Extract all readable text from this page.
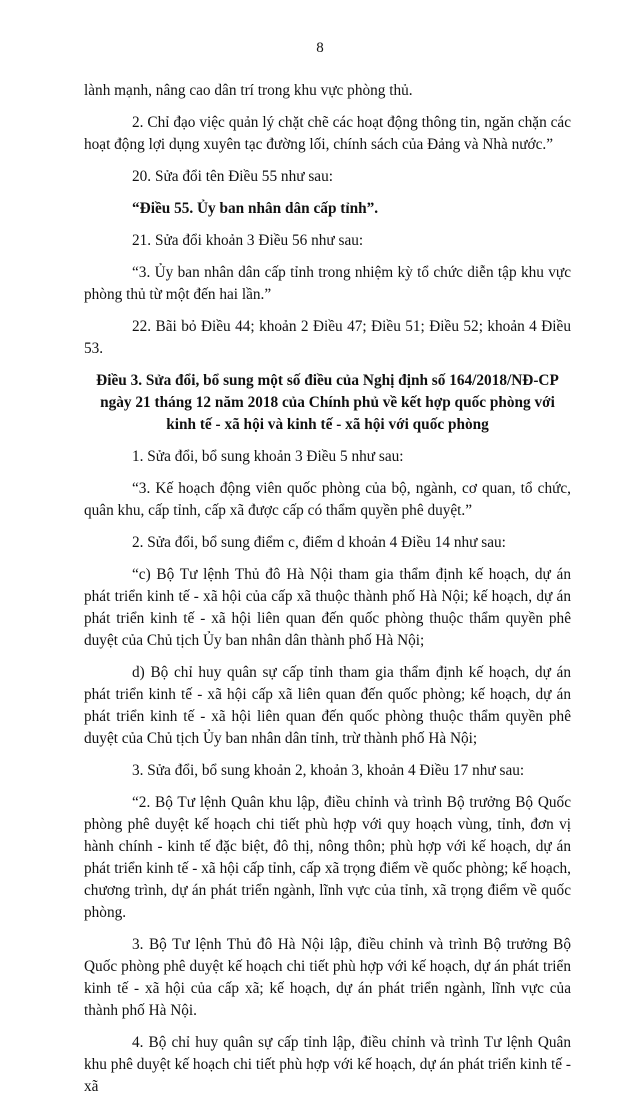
8

lành mạnh, nâng cao dân trí trong khu vực phòng thủ.

2. Chỉ đạo việc quản lý chặt chẽ các hoạt động thông tin, ngăn chặn các hoạt động lợi dụng xuyên tạc đường lối, chính sách của Đảng và Nhà nước.”

20. Sửa đổi tên Điều 55 như sau:

“Điều 55. Ủy ban nhân dân cấp tỉnh”.

21. Sửa đổi khoản 3 Điều 56 như sau:

“3. Ủy ban nhân dân cấp tỉnh trong nhiệm kỳ tổ chức diễn tập khu vực phòng thủ từ một đến hai lần.”

22. Bãi bỏ Điều 44; khoản 2 Điều 47; Điều 51; Điều 52; khoản 4 Điều 53.

Điều 3. Sửa đổi, bổ sung một số điều của Nghị định số 164/2018/NĐ-CP ngày 21 tháng 12 năm 2018 của Chính phủ về kết hợp quốc phòng với kinh tế - xã hội và kinh tế - xã hội với quốc phòng

1. Sửa đổi, bổ sung khoản 3 Điều 5 như sau:

“3. Kế hoạch động viên quốc phòng của bộ, ngành, cơ quan, tổ chức, quân khu, cấp tỉnh, cấp xã được cấp có thẩm quyền phê duyệt.”

2. Sửa đổi, bổ sung điểm c, điểm d khoản 4 Điều 14 như sau:

“c) Bộ Tư lệnh Thủ đô Hà Nội tham gia thẩm định kế hoạch, dự án phát triển kinh tế - xã hội của cấp xã thuộc thành phố Hà Nội; kế hoạch, dự án phát triển kinh tế - xã hội liên quan đến quốc phòng thuộc thẩm quyền phê duyệt của Chủ tịch Ủy ban nhân dân thành phố Hà Nội;

d) Bộ chỉ huy quân sự cấp tỉnh tham gia thẩm định kế hoạch, dự án phát triển kinh tế - xã hội cấp xã liên quan đến quốc phòng; kế hoạch, dự án phát triển kinh tế - xã hội liên quan đến quốc phòng thuộc thẩm quyền phê duyệt của Chủ tịch Ủy ban nhân dân tỉnh, trừ thành phố Hà Nội;

3. Sửa đổi, bổ sung khoản 2, khoản 3, khoản 4 Điều 17 như sau:

“2. Bộ Tư lệnh Quân khu lập, điều chỉnh và trình Bộ trưởng Bộ Quốc phòng phê duyệt kế hoạch chi tiết phù hợp với quy hoạch vùng, tỉnh, đơn vị hành chính - kinh tế đặc biệt, đô thị, nông thôn; phù hợp với kế hoạch, dự án phát triển kinh tế - xã hội cấp tỉnh, cấp xã trọng điểm về quốc phòng; kế hoạch, chương trình, dự án phát triển ngành, lĩnh vực của tỉnh, xã trọng điểm về quốc phòng.

3. Bộ Tư lệnh Thủ đô Hà Nội lập, điều chỉnh và trình Bộ trưởng Bộ Quốc phòng phê duyệt kế hoạch chi tiết phù hợp với kế hoạch, dự án phát triển kinh tế - xã hội của cấp xã; kế hoạch, dự án phát triển ngành, lĩnh vực của thành phố Hà Nội.

4. Bộ chỉ huy quân sự cấp tỉnh lập, điều chỉnh và trình Tư lệnh Quân khu phê duyệt kế hoạch chi tiết phù hợp với kế hoạch, dự án phát triển kinh tế - xã
